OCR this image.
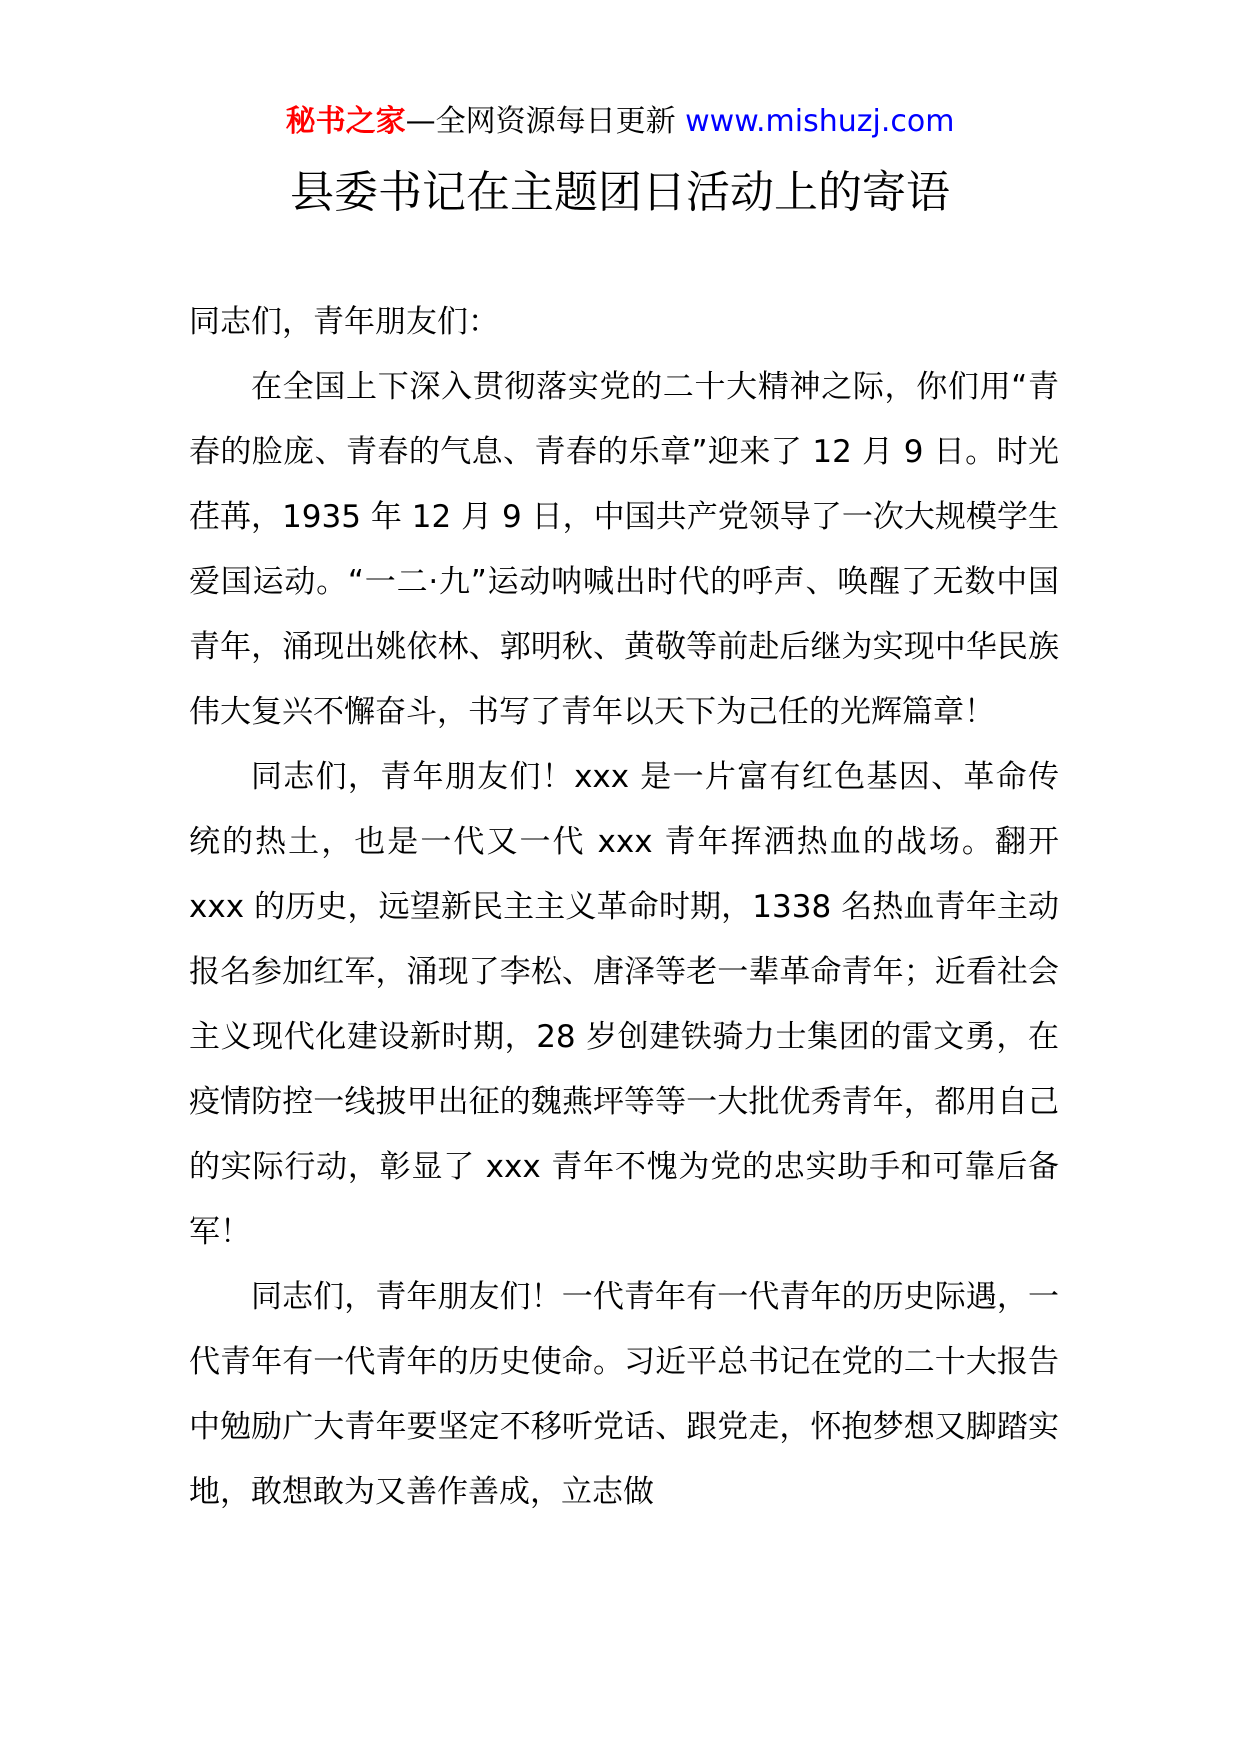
秘书之家—全网资源每日更新 www.mishuzj.com
县委书记在主题团日活动上的寄语

同志们，青年朋友们：

在全国上下深入贯彻落实党的二十大精神之际，你们用“青春的脸庞、青春的气息、青春的乐章”迎来了 12 月 9 日。时光荏苒，1935 年 12 月 9 日，中国共产党领导了一次大规模学生爱国运动。“一二·九”运动呐喊出时代的呼声、唤醒了无数中国青年，涌现出姚依林、郭明秋、黄敬等前赴后继为实现中华民族伟大复兴不懈奋斗，书写了青年以天下为己任的光辉篇章！

同志们，青年朋友们！xxx 是一片富有红色基因、革命传统的热土，也是一代又一代 xxx 青年挥洒热血的战场。翻开 xxx 的历史，远望新民主主义革命时期，1338 名热血青年主动报名参加红军，涌现了李松、唐泽等老一辈革命青年；近看社会主义现代化建设新时期，28 岁创建铁骑力士集团的雷文勇，在疫情防控一线披甲出征的魏燕坪等等一大批优秀青年，都用自己的实际行动，彰显了 xxx 青年不愧为党的忠实助手和可靠后备军！

同志们，青年朋友们！一代青年有一代青年的历史际遇，一代青年有一代青年的历史使命。习近平总书记在党的二十大报告中勉励广大青年要坚定不移听党话、跟党走，怀抱梦想又脚踏实地，敢想敢为又善作善成，立志做
